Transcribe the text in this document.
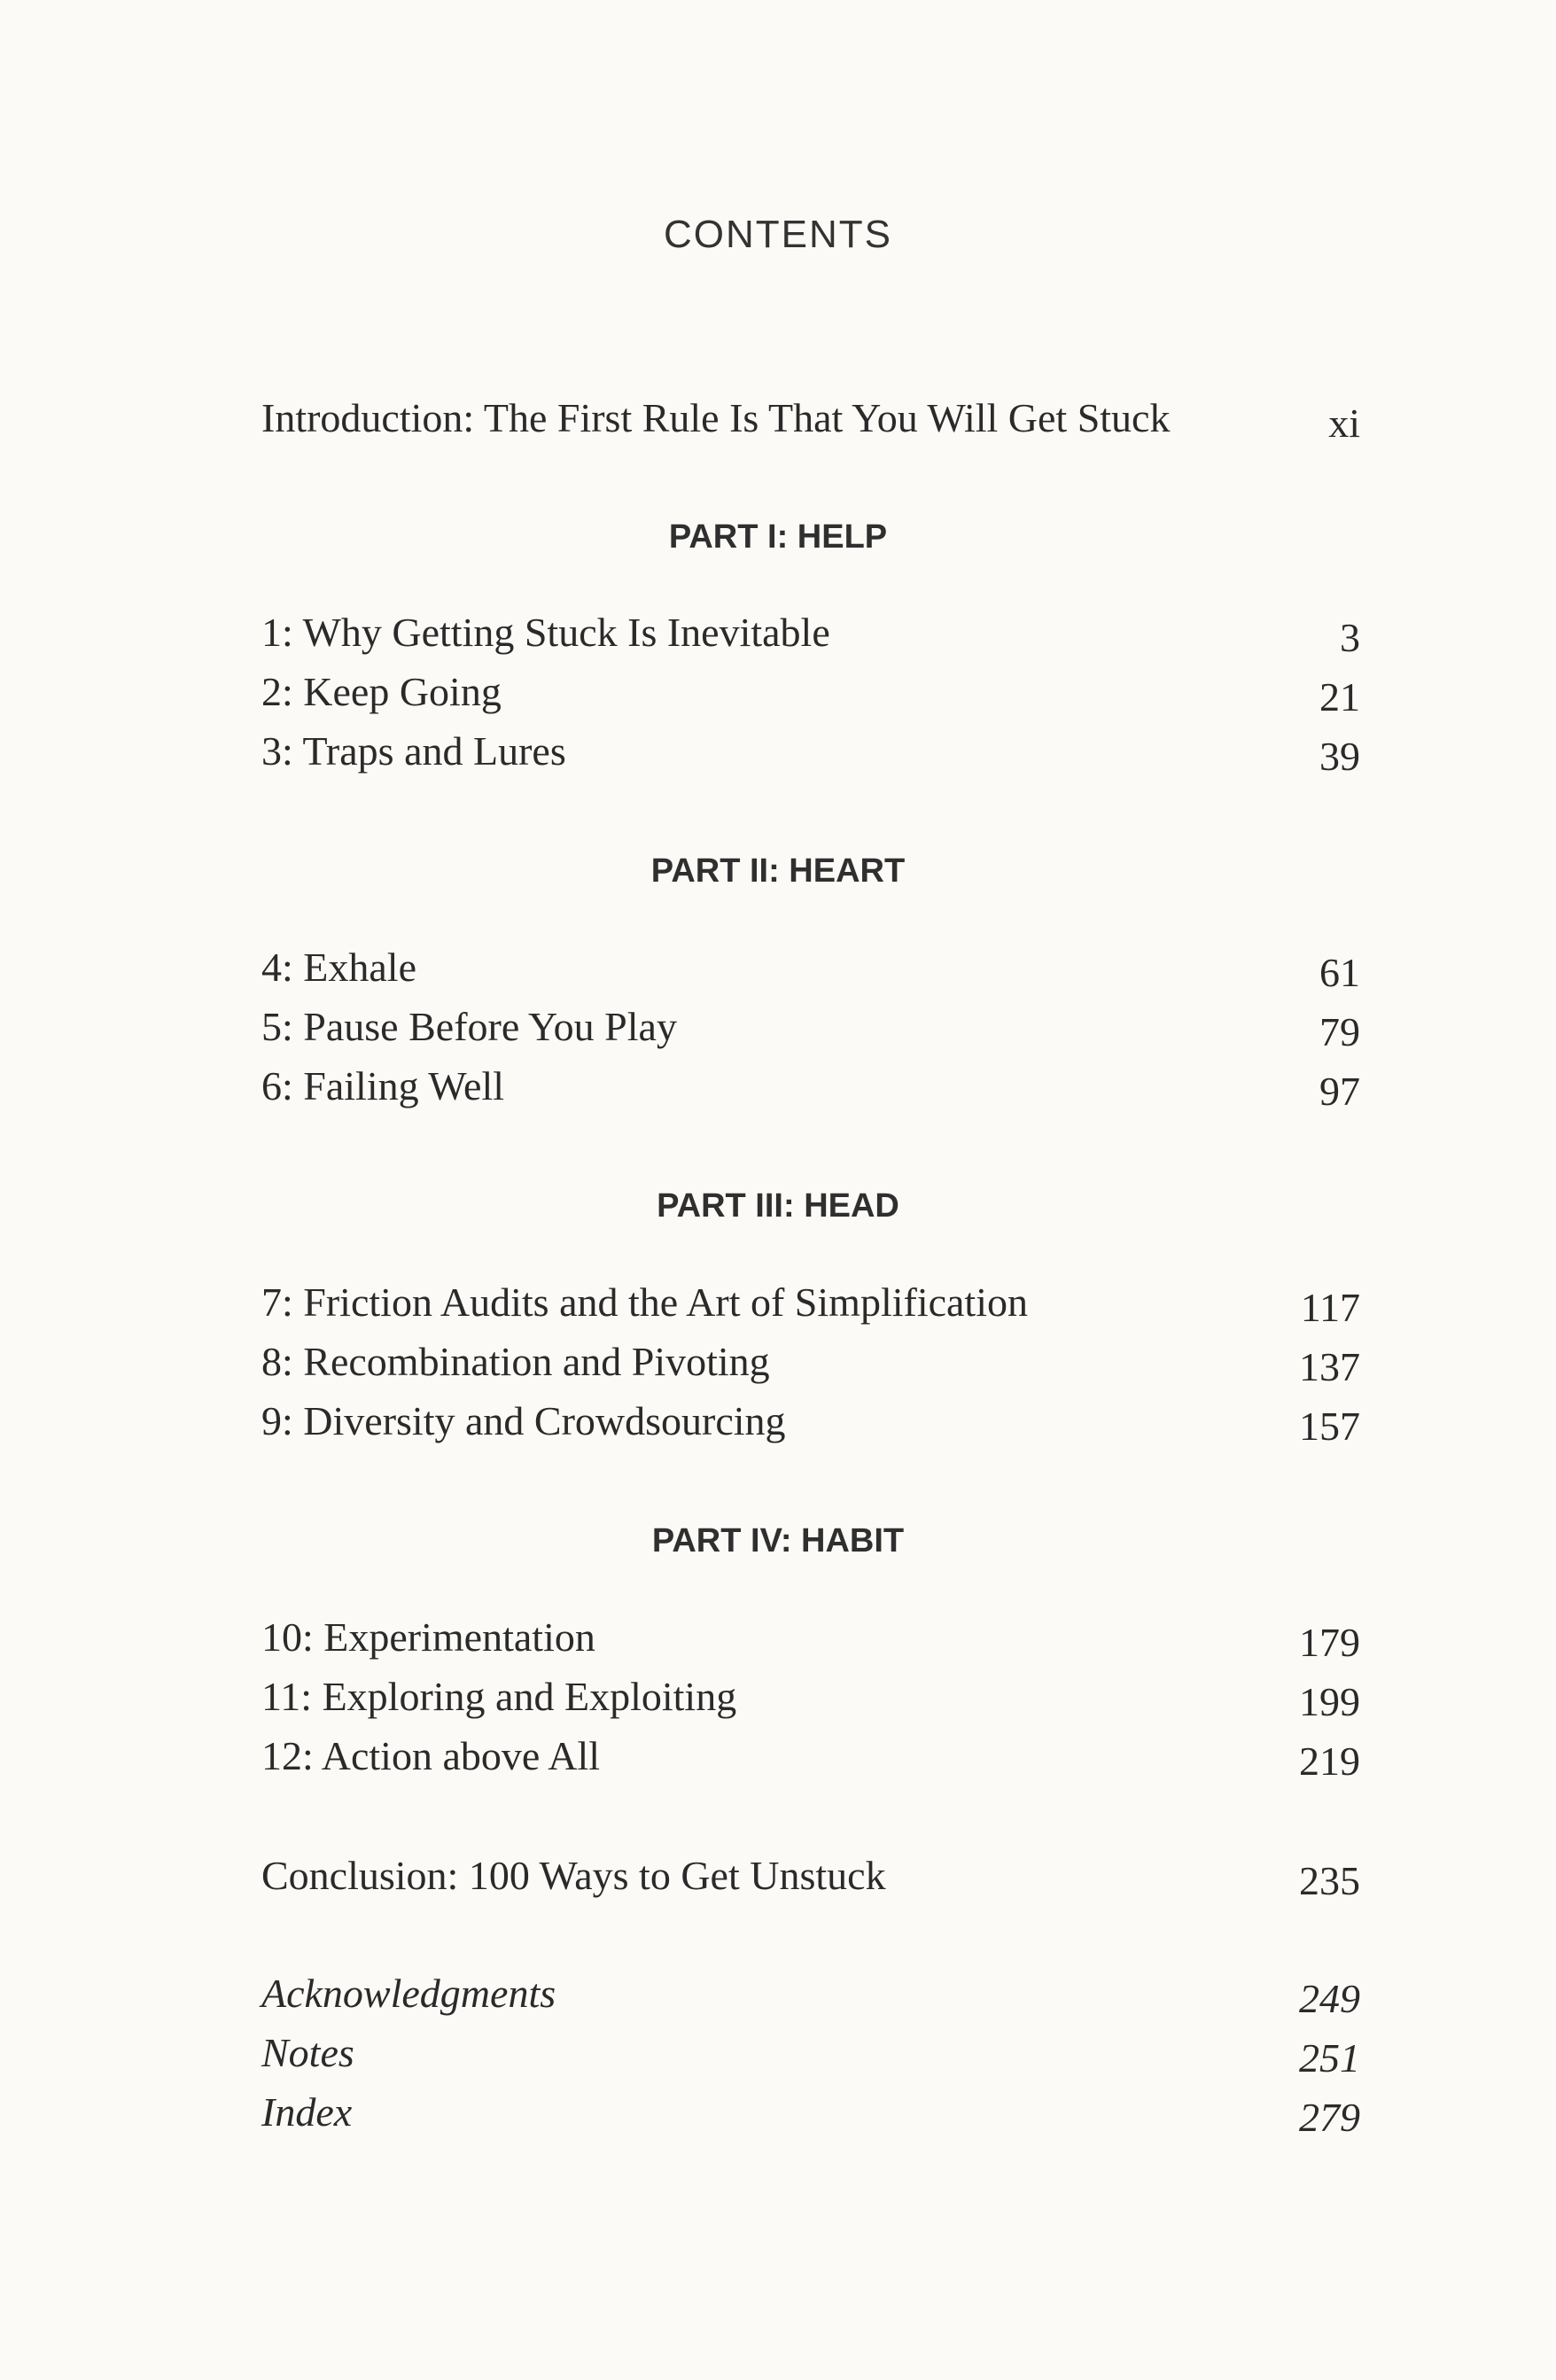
CONTENTS
Introduction: The First Rule Is That You Will Get Stuck	xi
PART I: HELP
1: Why Getting Stuck Is Inevitable	3
2: Keep Going	21
3: Traps and Lures	39
PART II: HEART
4: Exhale	61
5: Pause Before You Play	79
6: Failing Well	97
PART III: HEAD
7: Friction Audits and the Art of Simplification	117
8: Recombination and Pivoting	137
9: Diversity and Crowdsourcing	157
PART IV: HABIT
10: Experimentation	179
11: Exploring and Exploiting	199
12: Action above All	219
Conclusion: 100 Ways to Get Unstuck	235
Acknowledgments	249
Notes	251
Index	279
